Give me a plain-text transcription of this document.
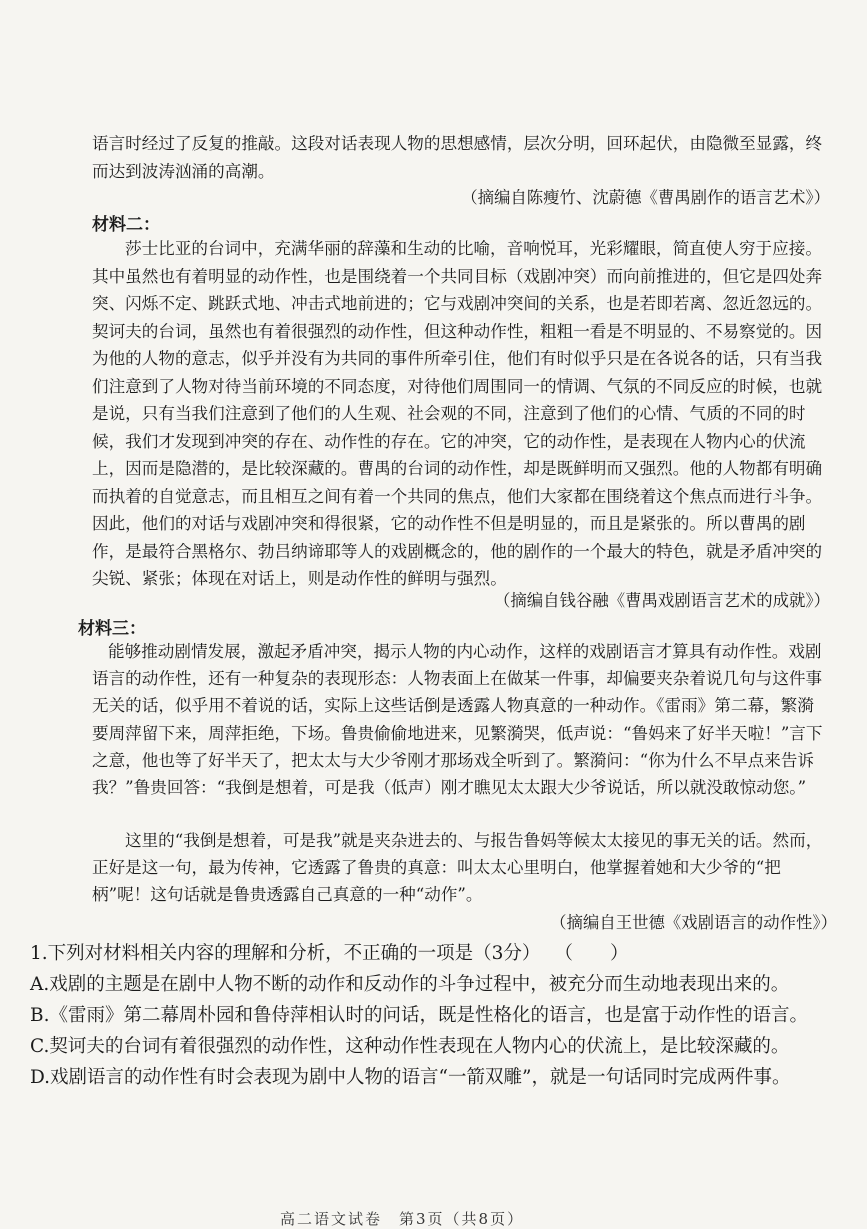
语言时经过了反复的推敲。这段对话表现人物的思想感情，层次分明，回环起伏，由隐微至显露，终而达到波涛汹涌的高潮。

（摘编自陈瘦竹、沈蔚德《曹禺剧作的语言艺术》）
材料二：

莎士比亚的台词中，充满华丽的辞藻和生动的比喻，音响悦耳，光彩耀眼，简直使人穷于应接。其中虽然也有着明显的动作性，也是围绕着一个共同目标（戏剧冲突）而向前推进的，但它是四处奔突、闪烁不定、跳跃式地、冲击式地前进的；它与戏剧冲突间的关系，也是若即若离、忽近忽远的。契诃夫的台词，虽然也有着很强烈的动作性，但这种动作性，粗粗一看是不明显的、不易察觉的。因为他的人物的意志，似乎并没有为共同的事件所牵引住，他们有时似乎只是在各说各的话，只有当我们注意到了人物对待当前环境的不同态度，对待他们周围同一的情调、气氛的不同反应的时候，也就是说，只有当我们注意到了他们的人生观、社会观的不同，注意到了他们的心情、气质的不同的时候，我们才发现到冲突的存在、动作性的存在。它的冲突，它的动作性，是表现在人物内心的伏流上，因而是隐潜的，是比较深藏的。曹禺的台词的动作性，却是既鲜明而又强烈。他的人物都有明确而执着的自觉意志，而且相互之间有着一个共同的焦点，他们大家都在围绕着这个焦点而进行斗争。因此，他们的对话与戏剧冲突和得很紧，它的动作性不但是明显的，而且是紧张的。所以曹禺的剧作，是最符合黑格尔、勃吕纳谛耶等人的戏剧概念的，他的剧作的一个最大的特色，就是矛盾冲突的尖锐、紧张；体现在对话上，则是动作性的鲜明与强烈。

（摘编自钱谷融《曹禺戏剧语言艺术的成就》）
材料三：

能够推动剧情发展，激起矛盾冲突，揭示人物的内心动作，这样的戏剧语言才算具有动作性。戏剧语言的动作性，还有一种复杂的表现形态：人物表面上在做某一件事，却偏要夹杂着说几句与这件事无关的话，似乎用不着说的话，实际上这些话倒是透露人物真意的一种动作。《雷雨》第二幕，繁漪要周萍留下来，周萍拒绝，下场。鲁贵偷偷地进来，见繁漪哭，低声说：“鲁妈来了好半天啦！”言下之意，他也等了好半天了，把太太与大少爷刚才那场戏全听到了。繁漪问：“你为什么不早点来告诉我？”鲁贵回答：“我倒是想着，可是我（低声）刚才瞧见太太跟大少爷说话，所以就没敢惊动您。”

这里的“我倒是想着，可是我”就是夹杂进去的、与报告鲁妈等候太太接见的事无关的话。然而，正好是这一句，最为传神，它透露了鲁贵的真意：叫太太心里明白，他掌握着她和大少爷的“把柄”呢！这句话就是鲁贵透露自己真意的一种“动作”。

（摘编自王世德《戏剧语言的动作性》）

1.下列对材料相关内容的理解和分析，不正确的一项是（3分） （　　）

A.戏剧的主题是在剧中人物不断的动作和反动作的斗争过程中，被充分而生动地表现出来的。

B.《雷雨》第二幕周朴园和鲁侍萍相认时的问话，既是性格化的语言，也是富于动作性的语言。

C.契诃夫的台词有着很强烈的动作性，这种动作性表现在人物内心的伏流上，是比较深藏的。

D.戏剧语言的动作性有时会表现为剧中人物的语言“一箭双雕”，就是一句话同时完成两件事。

高二语文试卷　第3页（共8页）
